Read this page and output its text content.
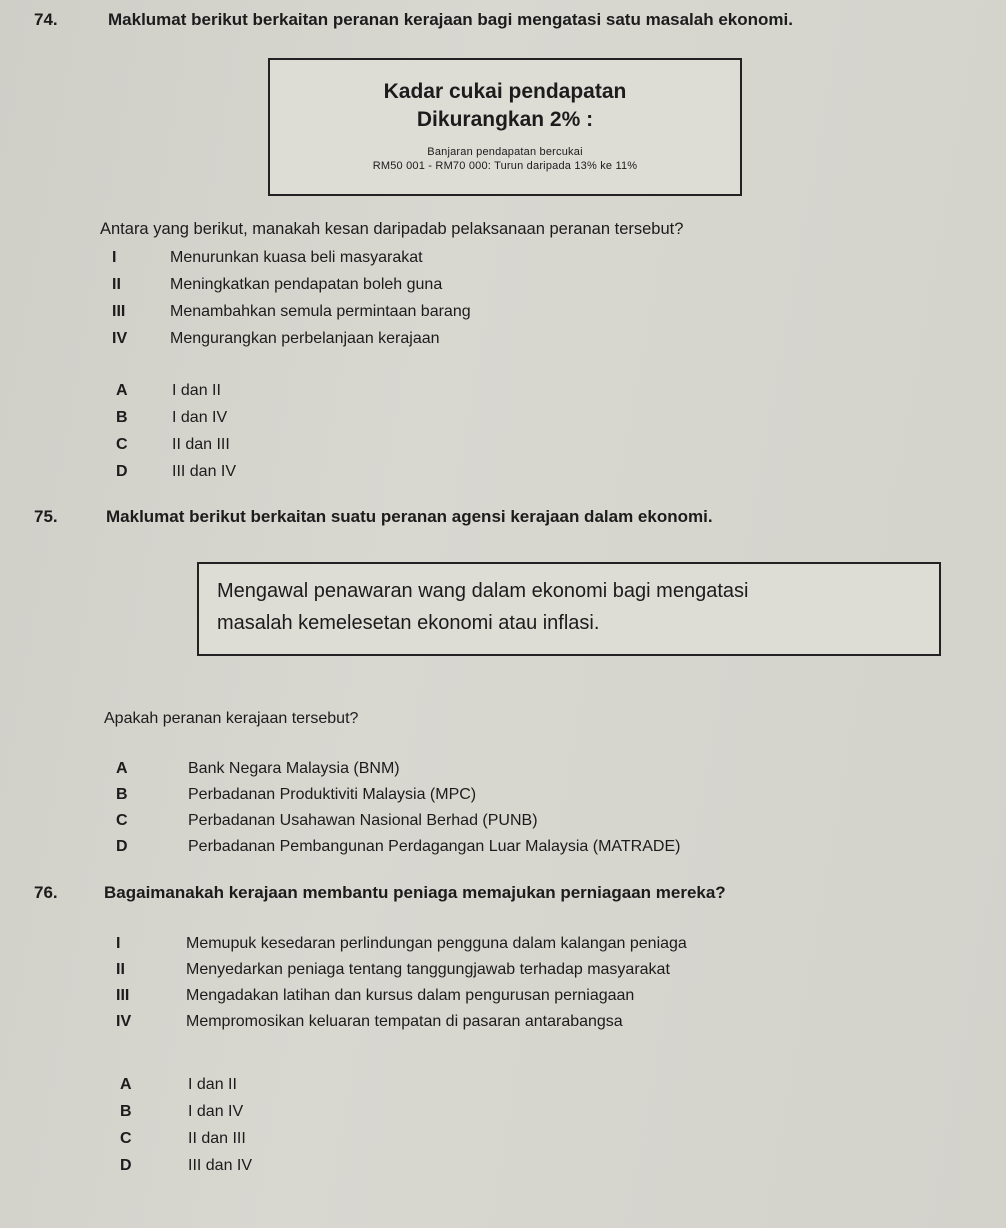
74.	Maklumat berikut berkaitan peranan kerajaan bagi mengatasi satu masalah ekonomi.
Kadar cukai pendapatan
Dikurangkan 2% :
Banjaran pendapatan bercukai
RM50 001 - RM70 000: Turun daripada 13% ke 11%
Antara yang berikut, manakah kesan daripadab pelaksanaan peranan tersebut?
I	Menurunkan kuasa beli masyarakat
II	Meningkatkan pendapatan boleh guna
III	Menambahkan semula permintaan barang
IV	Mengurangkan perbelanjaan kerajaan
A	I dan II
B	I dan IV
C	II dan III
D	III dan IV
75.	Maklumat berikut berkaitan suatu peranan agensi kerajaan dalam ekonomi.
Mengawal penawaran wang dalam ekonomi bagi mengatasi
masalah kemelesetan ekonomi atau inflasi.
Apakah peranan kerajaan tersebut?
A	Bank Negara Malaysia (BNM)
B	Perbadanan Produktiviti Malaysia (MPC)
C	Perbadanan Usahawan Nasional Berhad (PUNB)
D	Perbadanan Pembangunan Perdagangan Luar Malaysia (MATRADE)
76.	Bagaimanakah kerajaan membantu peniaga memajukan perniagaan mereka?
I	Memupuk kesedaran perlindungan pengguna dalam kalangan peniaga
II	Menyedarkan peniaga tentang tanggungjawab terhadap masyarakat
III	Mengadakan latihan dan kursus dalam pengurusan perniagaan
IV	Mempromosikan keluaran tempatan di pasaran antarabangsa
A	I dan II
B	I dan IV
C	II dan III
D	III dan IV
